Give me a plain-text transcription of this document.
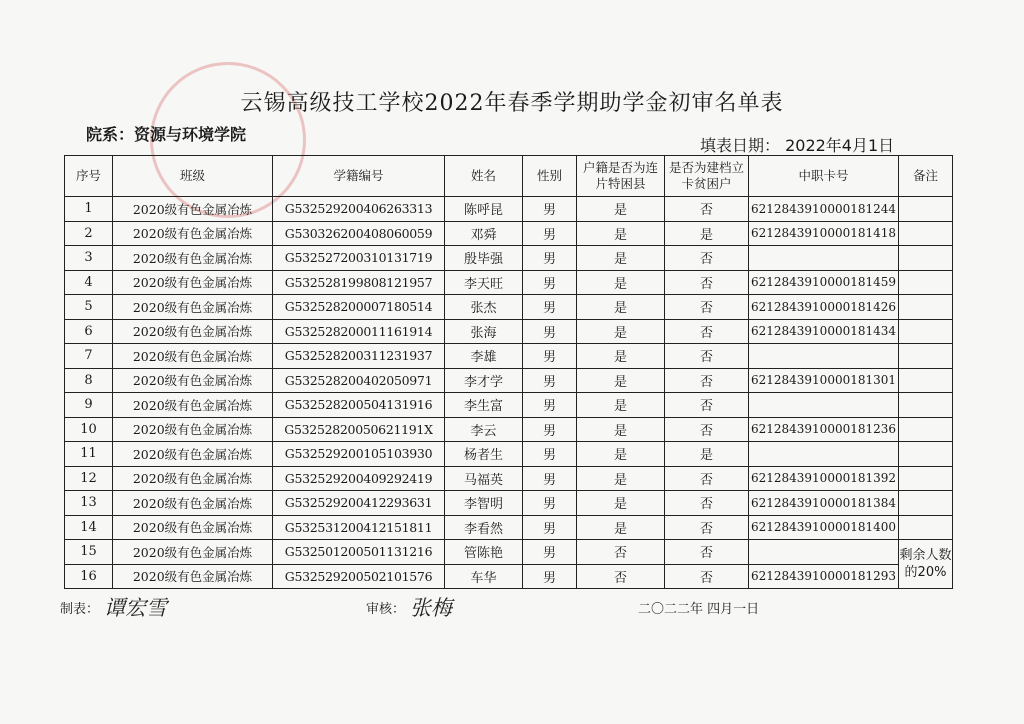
云锡高级技工学校2022年春季学期助学金初审名单表
院系：资源与环境学院
填表日期： 2022年4月1日
序号	班级	学籍编号	姓名	性别	户籍是否为连片特困县	是否为建档立卡贫困户	中职卡号	备注
1	2020级有色金属冶炼	G532529200406263313	陈呼昆	男	是	否	6212843910000181244	
2	2020级有色金属冶炼	G530326200408060059	邓舜	男	是	是	6212843910000181418	
3	2020级有色金属冶炼	G532527200310131719	殷毕强	男	是	否		
4	2020级有色金属冶炼	G532528199808121957	李天旺	男	是	否	6212843910000181459	
5	2020级有色金属冶炼	G532528200007180514	张杰	男	是	否	6212843910000181426	
6	2020级有色金属冶炼	G532528200011161914	张海	男	是	否	6212843910000181434	
7	2020级有色金属冶炼	G532528200311231937	李雄	男	是	否		
8	2020级有色金属冶炼	G532528200402050971	李才学	男	是	否	6212843910000181301	
9	2020级有色金属冶炼	G532528200504131916	李生富	男	是	否		
10	2020级有色金属冶炼	G53252820050621191X	李云	男	是	否	6212843910000181236	
11	2020级有色金属冶炼	G532529200105103930	杨者生	男	是	是		
12	2020级有色金属冶炼	G532529200409292419	马福英	男	是	否	6212843910000181392	
13	2020级有色金属冶炼	G532529200412293631	李智明	男	是	否	6212843910000181384	
14	2020级有色金属冶炼	G532531200412151811	李看然	男	是	否	6212843910000181400	
15	2020级有色金属冶炼	G532501200501131216	管陈艳	男	否	否		剩余人数的20%
16	2020级有色金属冶炼	G532529200502101576	车华	男	否	否	6212843910000181293	
制表： 谭宏雪	审核： 张梅	二〇二二年 四月一日
